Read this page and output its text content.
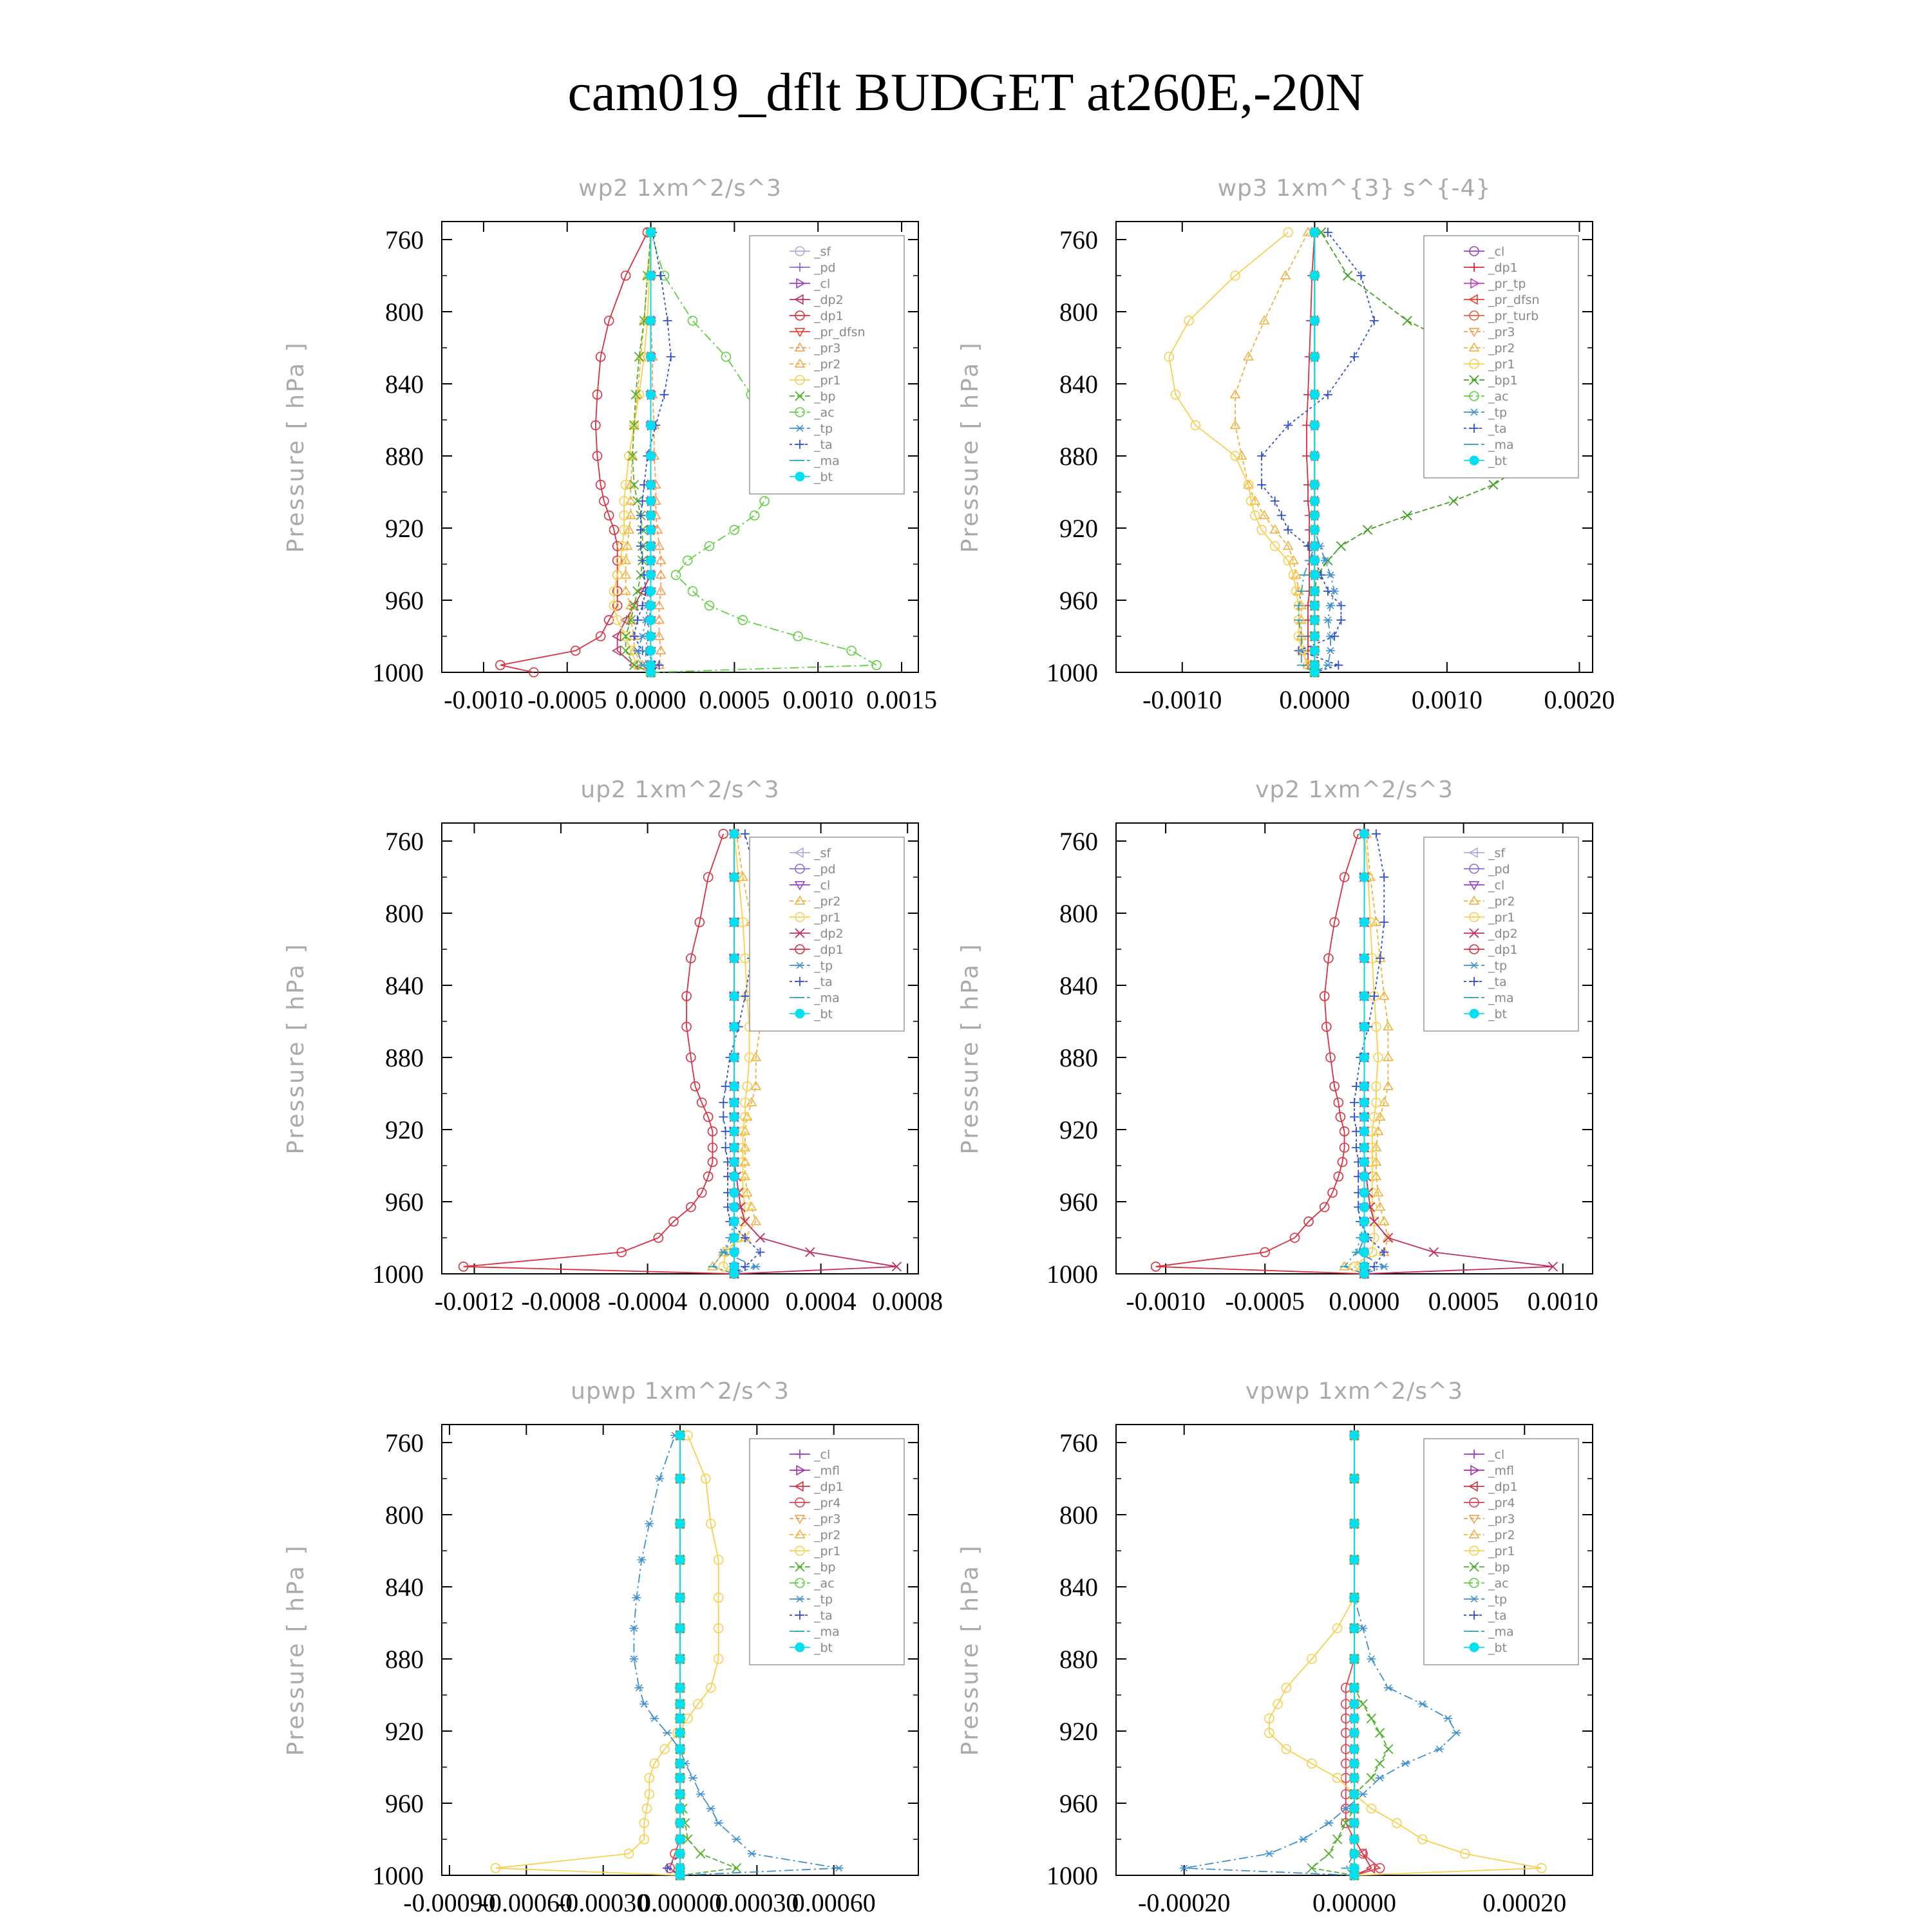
cam019_dflt BUDGET at260E,-20N
wp2 1xm^2/s^3
Pressure [ hPa ]
760
800
840
880
920
960
1000
-0.0010 -0.0005 0.0000 0.0005 0.0010 0.0015
_sf
_pd
_cl
_dp2
_dp1
_pr_dfsn
_pr3
_pr2
_pr1
_bp
_ac
_tp
_ta
_ma
_bt
wp3 1xm^{3} s^{-4}
Pressure [ hPa ]
760
800
840
880
920
960
1000
-0.0010 0.0000 0.0010 0.0020
_cl
_dp1
_pr_tp
_pr_dfsn
_pr_turb
_pr3
_pr2
_pr1
_bp1
_ac
_tp
_ta
_ma
_bt
up2 1xm^2/s^3
Pressure [ hPa ]
760
800
840
880
920
960
1000
-0.0012 -0.0008 -0.0004 0.0000 0.0004 0.0008
_sf
_pd
_cl
_pr2
_pr1
_dp2
_dp1
_tp
_ta
_ma
_bt
vp2 1xm^2/s^3
Pressure [ hPa ]
760
800
840
880
920
960
1000
-0.0010 -0.0005 0.0000 0.0005 0.0010
_sf
_pd
_cl
_pr2
_pr1
_dp2
_dp1
_tp
_ta
_ma
_bt
upwp 1xm^2/s^3
Pressure [ hPa ]
760
800
840
880
920
960
1000
-0.00090
-0.00060
-0.00030
0.00000
0.00030
0.00060
_cl
_mfl
_dp1
_pr4
_pr3
_pr2
_pr1
_bp
_ac
_tp
_ta
_ma
_bt
vpwp 1xm^2/s^3
Pressure [ hPa ]
760
800
840
880
920
960
1000
-0.00020	0.00000	0.00020
_cl
_mfl
_dp1
_pr4
_pr3
_pr2
_pr1
_bp
_ac
_tp
_ta
_ma
_bt
